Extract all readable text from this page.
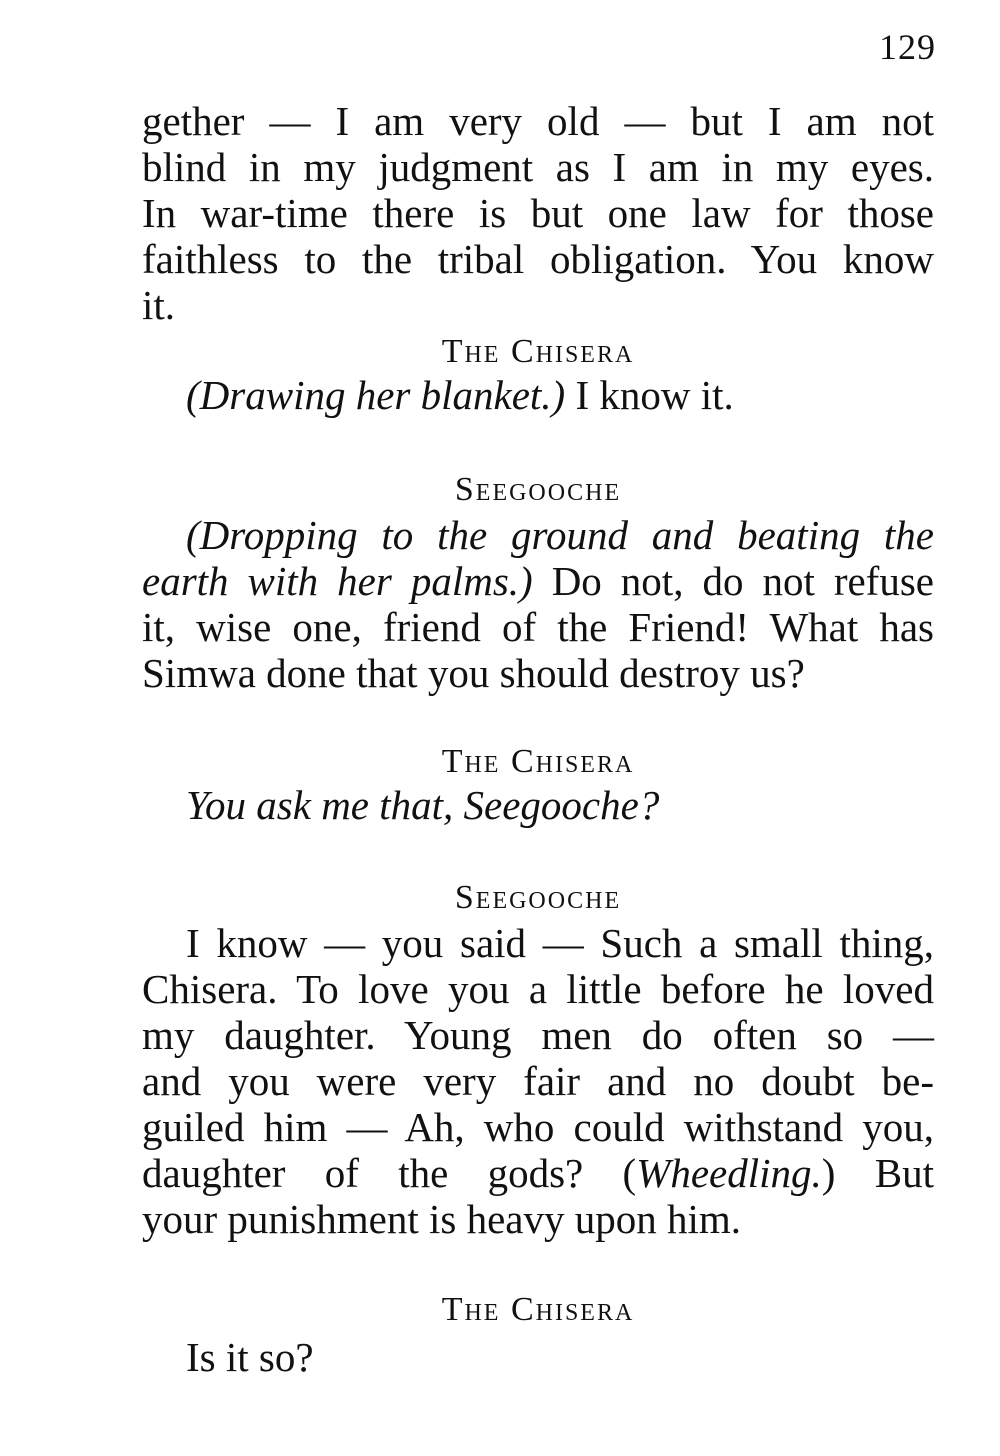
129
gether — I am very old — but I am not
blind in my judgment as I am in my eyes.
In war-time there is but one law for those
faithless to the tribal obligation. You know
it.
The Chisera
(Drawing her blanket.) I know it.
Seegooche
(Dropping to the ground and beating the
earth with her palms.) Do not, do not refuse
it, wise one, friend of the Friend! What has
Simwa done that you should destroy us?
The Chisera
You ask me that, Seegooche?
Seegooche
I know — you said — Such a small thing,
Chisera. To love you a little before he loved
my daughter. Young men do often so —
and you were very fair and no doubt be-
guiled him — Ah, who could withstand you,
daughter of the gods? (Wheedling.) But
your punishment is heavy upon him.
The Chisera
Is it so?
